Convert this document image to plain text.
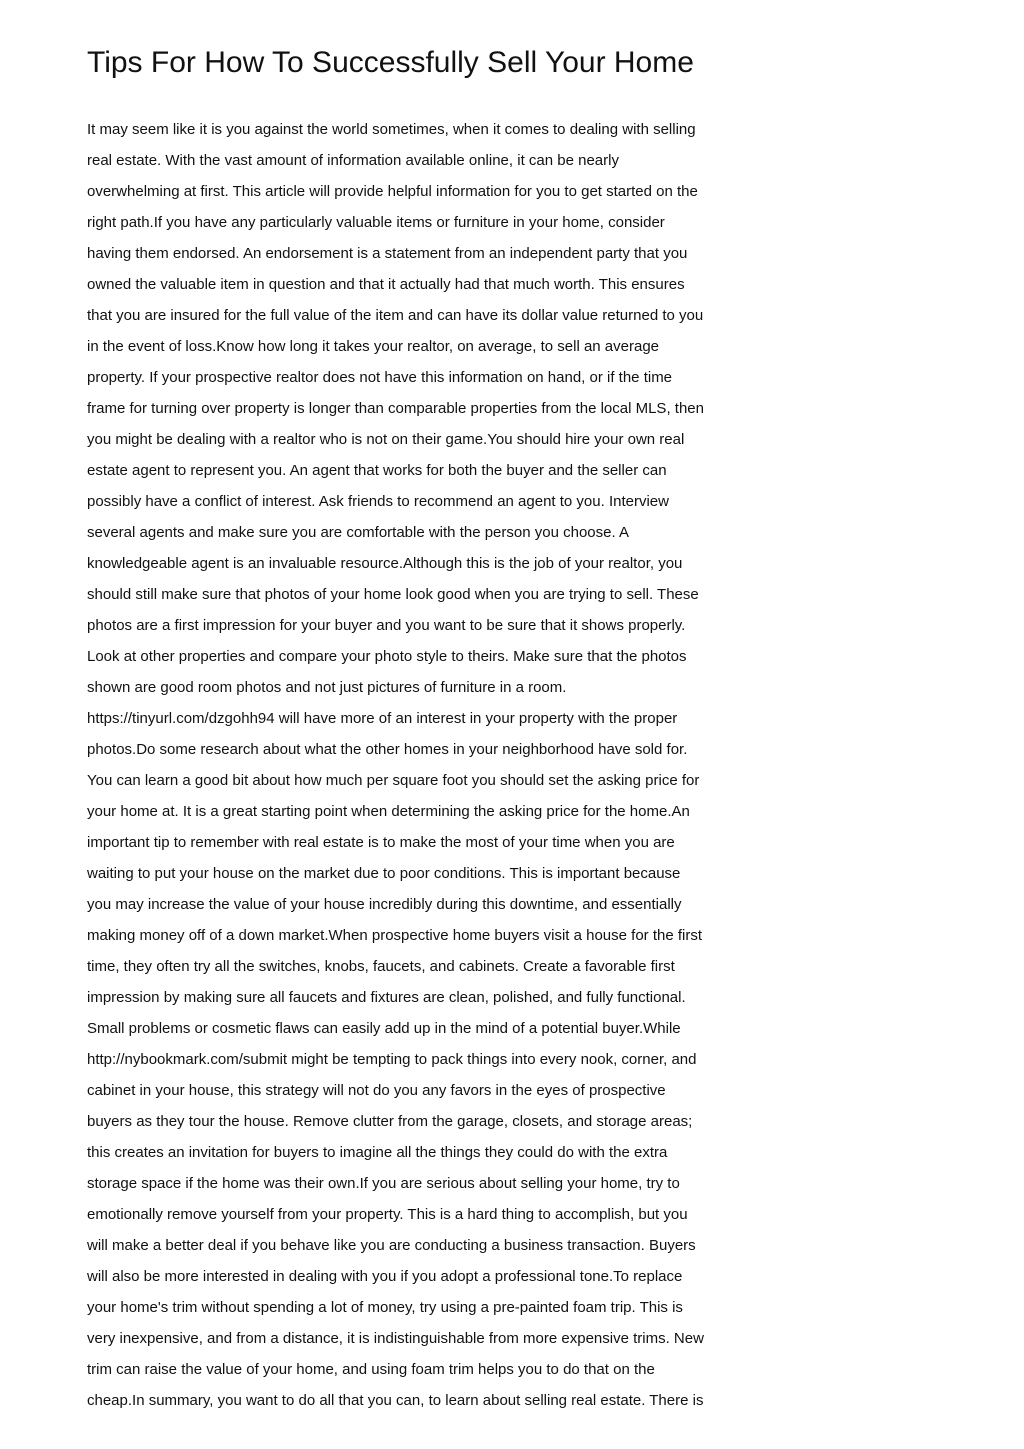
Tips For How To Successfully Sell Your Home
It may seem like it is you against the world sometimes, when it comes to dealing with selling
real estate. With the vast amount of information available online, it can be nearly
overwhelming at first. This article will provide helpful information for you to get started on the
right path.If you have any particularly valuable items or furniture in your home, consider
having them endorsed. An endorsement is a statement from an independent party that you
owned the valuable item in question and that it actually had that much worth. This ensures
that you are insured for the full value of the item and can have its dollar value returned to you
in the event of loss.Know how long it takes your realtor, on average, to sell an average
property. If your prospective realtor does not have this information on hand, or if the time
frame for turning over property is longer than comparable properties from the local MLS, then
you might be dealing with a realtor who is not on their game.You should hire your own real
estate agent to represent you. An agent that works for both the buyer and the seller can
possibly have a conflict of interest. Ask friends to recommend an agent to you. Interview
several agents and make sure you are comfortable with the person you choose. A
knowledgeable agent is an invaluable resource.Although this is the job of your realtor, you
should still make sure that photos of your home look good when you are trying to sell. These
photos are a first impression for your buyer and you want to be sure that it shows properly.
Look at other properties and compare your photo style to theirs. Make sure that the photos
shown are good room photos and not just pictures of furniture in a room.
https://tinyurl.com/dzgohh94 will have more of an interest in your property with the proper
photos.Do some research about what the other homes in your neighborhood have sold for.
You can learn a good bit about how much per square foot you should set the asking price for
your home at. It is a great starting point when determining the asking price for the home.An
important tip to remember with real estate is to make the most of your time when you are
waiting to put your house on the market due to poor conditions. This is important because
you may increase the value of your house incredibly during this downtime, and essentially
making money off of a down market.When prospective home buyers visit a house for the first
time, they often try all the switches, knobs, faucets, and cabinets. Create a favorable first
impression by making sure all faucets and fixtures are clean, polished, and fully functional.
Small problems or cosmetic flaws can easily add up in the mind of a potential buyer.While
http://nybookmark.com/submit might be tempting to pack things into every nook, corner, and
cabinet in your house, this strategy will not do you any favors in the eyes of prospective
buyers as they tour the house. Remove clutter from the garage, closets, and storage areas;
this creates an invitation for buyers to imagine all the things they could do with the extra
storage space if the home was their own.If you are serious about selling your home, try to
emotionally remove yourself from your property. This is a hard thing to accomplish, but you
will make a better deal if you behave like you are conducting a business transaction. Buyers
will also be more interested in dealing with you if you adopt a professional tone.To replace
your home's trim without spending a lot of money, try using a pre-painted foam trip. This is
very inexpensive, and from a distance, it is indistinguishable from more expensive trims. New
trim can raise the value of your home, and using foam trim helps you to do that on the
cheap.In summary, you want to do all that you can, to learn about selling real estate. There is
